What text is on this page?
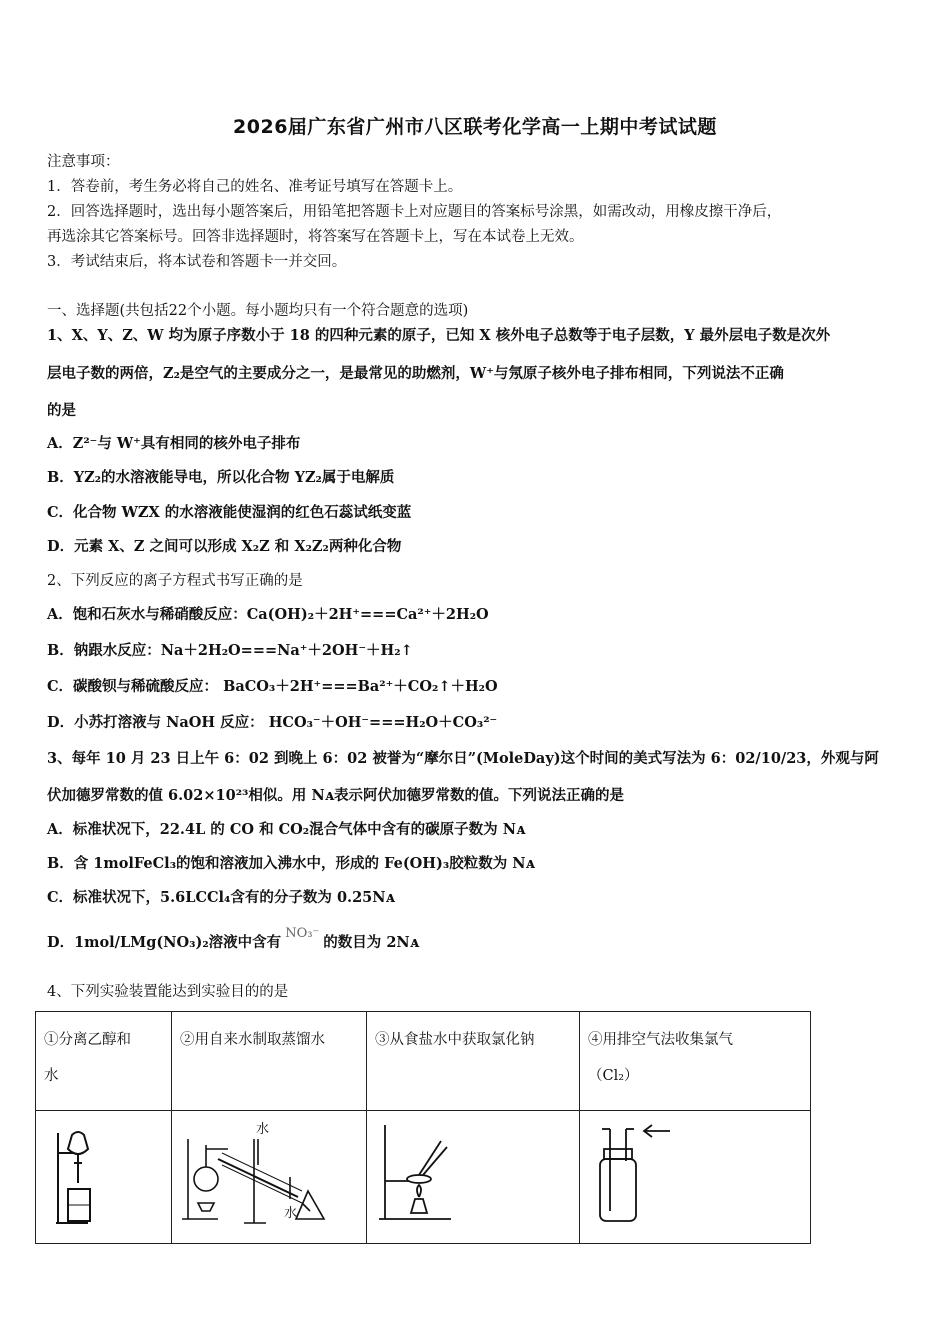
2026届广东省广州市八区联考化学高一上期中考试试题
注意事项：
1．答卷前，考生务必将自己的姓名、准考证号填写在答题卡上。
2．回答选择题时，选出每小题答案后，用铅笔把答题卡上对应题目的答案标号涂黑，如需改动，用橡皮擦干净后，
再选涂其它答案标号。回答非选择题时，将答案写在答题卡上，写在本试卷上无效。
3．考试结束后，将本试卷和答题卡一并交回。
一、选择题(共包括22个小题。每小题均只有一个符合题意的选项)
1、X、Y、Z、W 均为原子序数小于 18 的四种元素的原子，已知 X 核外电子总数等于电子层数，Y 最外层电子数是次外
层电子数的两倍，Z₂是空气的主要成分之一，是最常见的助燃剂，W⁺与氖原子核外电子排布相同，下列说法不正确
的是
A．Z²⁻与 W⁺具有相同的核外电子排布
B．YZ₂的水溶液能导电，所以化合物 YZ₂属于电解质
C．化合物 WZX 的水溶液能使湿润的红色石蕊试纸变蓝
D．元素 X、Z 之间可以形成 X₂Z 和 X₂Z₂两种化合物
2、下列反应的离子方程式书写正确的是
A．饱和石灰水与稀硝酸反应：Ca(OH)₂＋2H⁺===Ca²⁺＋2H₂O
B．钠跟水反应：Na＋2H₂O===Na⁺＋2OH⁻＋H₂↑
C．碳酸钡与稀硫酸反应： BaCO₃＋2H⁺===Ba²⁺＋CO₂↑＋H₂O
D．小苏打溶液与 NaOH 反应： HCO₃⁻＋OH⁻===H₂O＋CO₃²⁻
3、每年 10 月 23 日上午 6：02 到晚上 6：02 被誉为“摩尔日”(MoleDay)这个时间的美式写法为 6：02/10/23，外观与阿
伏加德罗常数的值 6.02×10²³相似。用 Nᴀ表示阿伏加德罗常数的值。下列说法正确的是
A．标准状况下，22.4L 的 CO 和 CO₂混合气体中含有的碳原子数为 Nᴀ
B．含 1molFeCl₃的饱和溶液加入沸水中，形成的 Fe(OH)₃胶粒数为 Nᴀ
C．标准状况下，5.6LCCl₄含有的分子数为 0.25Nᴀ
D．1mol/LMg(NO₃)₂溶液中含有NO₃⁻的数目为 2Nᴀ
4、下列实验装置能达到实验目的的是
①分离乙醇和
水	②用自来水制取蒸馏水	③从食盐水中获取氯化钠	④用排空气法收集氯气
（Cl₂）

水
水
